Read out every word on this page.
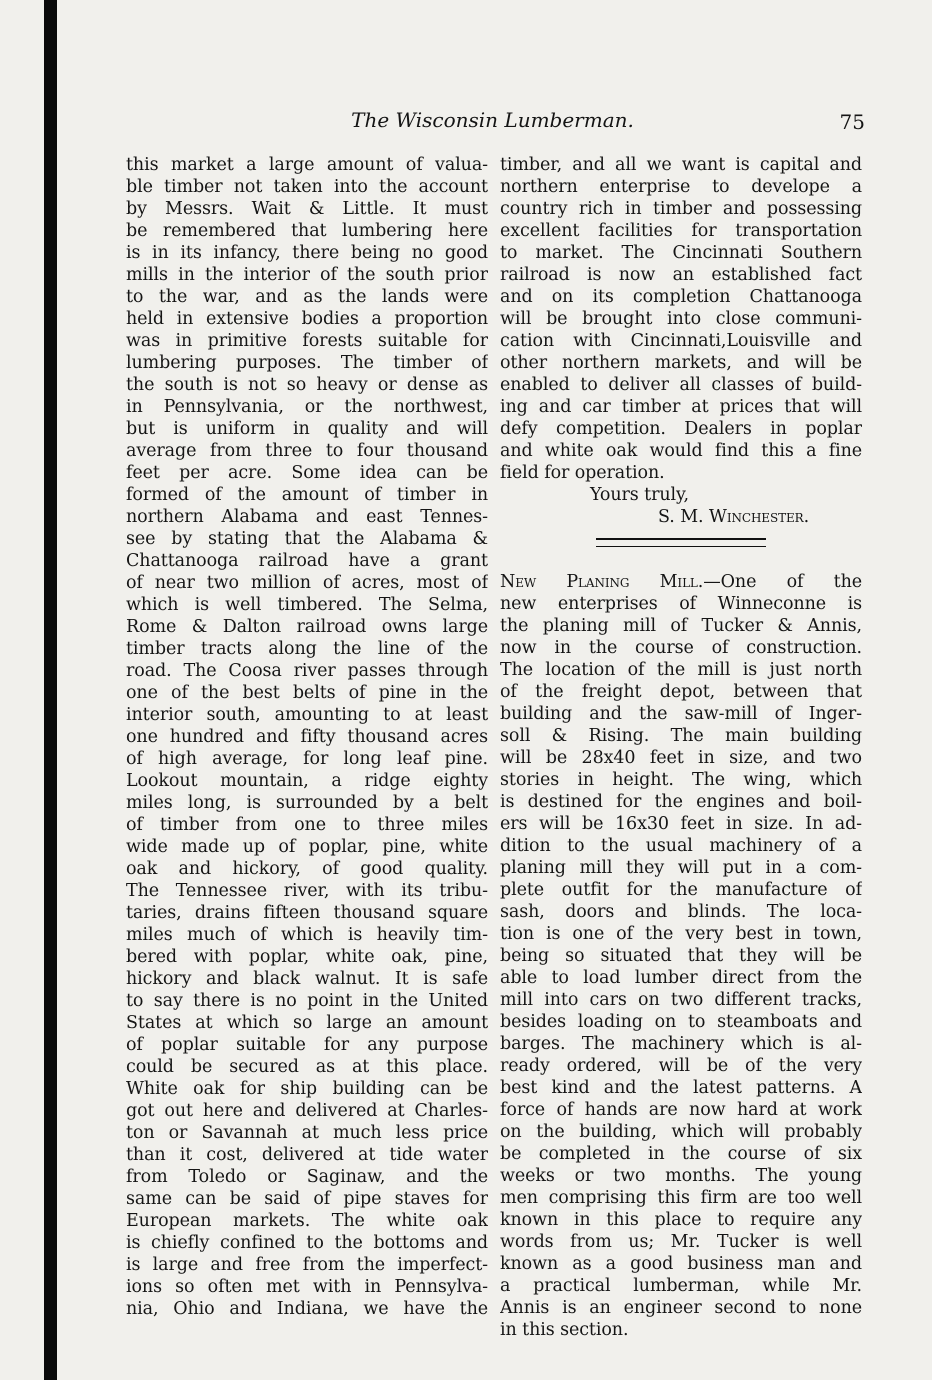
The Wisconsin Lumberman.	75
this market a large amount of valua-
ble timber not taken into the account
by Messrs. Wait & Little. It must
be remembered that lumbering here
is in its infancy, there being no good
mills in the interior of the south prior
to the war, and as the lands were
held in extensive bodies a proportion
was in primitive forests suitable for
lumbering purposes. The timber of
the south is not so heavy or dense as
in Pennsylvania, or the northwest,
but is uniform in quality and will
average from three to four thousand
feet per acre. Some idea can be
formed of the amount of timber in
northern Alabama and east Tennes-
see by stating that the Alabama &
Chattanooga railroad have a grant
of near two million of acres, most of
which is well timbered. The Selma,
Rome & Dalton railroad owns large
timber tracts along the line of the
road. The Coosa river passes through
one of the best belts of pine in the
interior south, amounting to at least
one hundred and fifty thousand acres
of high average, for long leaf pine.
Lookout mountain, a ridge eighty
miles long, is surrounded by a belt
of timber from one to three miles
wide made up of poplar, pine, white
oak and hickory, of good quality.
The Tennessee river, with its tribu-
taries, drains fifteen thousand square
miles much of which is heavily tim-
bered with poplar, white oak, pine,
hickory and black walnut. It is safe
to say there is no point in the United
States at which so large an amount
of poplar suitable for any purpose
could be secured as at this place.
White oak for ship building can be
got out here and delivered at Charles-
ton or Savannah at much less price
than it cost, delivered at tide water
from Toledo or Saginaw, and the
same can be said of pipe staves for
European markets. The white oak
is chiefly confined to the bottoms and
is large and free from the imperfect-
ions so often met with in Pennsylva-
nia, Ohio and Indiana, we have the
timber, and all we want is capital and
northern enterprise to develope a
country rich in timber and possessing
excellent facilities for transportation
to market. The Cincinnati Southern
railroad is now an established fact
and on its completion Chattanooga
will be brought into close communi-
cation with Cincinnati,Louisville and
other northern markets, and will be
enabled to deliver all classes of build-
ing and car timber at prices that will
defy competition. Dealers in poplar
and white oak would find this a fine
field for operation.
Yours truly,
S. M. Winchester.
New Planing Mill.—One of the
new enterprises of Winneconne is
the planing mill of Tucker & Annis,
now in the course of construction.
The location of the mill is just north
of the freight depot, between that
building and the saw-mill of Inger-
soll & Rising. The main building
will be 28x40 feet in size, and two
stories in height. The wing, which
is destined for the engines and boil-
ers will be 16x30 feet in size. In ad-
dition to the usual machinery of a
planing mill they will put in a com-
plete outfit for the manufacture of
sash, doors and blinds. The loca-
tion is one of the very best in town,
being so situated that they will be
able to load lumber direct from the
mill into cars on two different tracks,
besides loading on to steamboats and
barges. The machinery which is al-
ready ordered, will be of the very
best kind and the latest patterns. A
force of hands are now hard at work
on the building, which will probably
be completed in the course of six
weeks or two months. The young
men comprising this firm are too well
known in this place to require any
words from us; Mr. Tucker is well
known as a good business man and
a practical lumberman, while Mr.
Annis is an engineer second to none
in this section.
